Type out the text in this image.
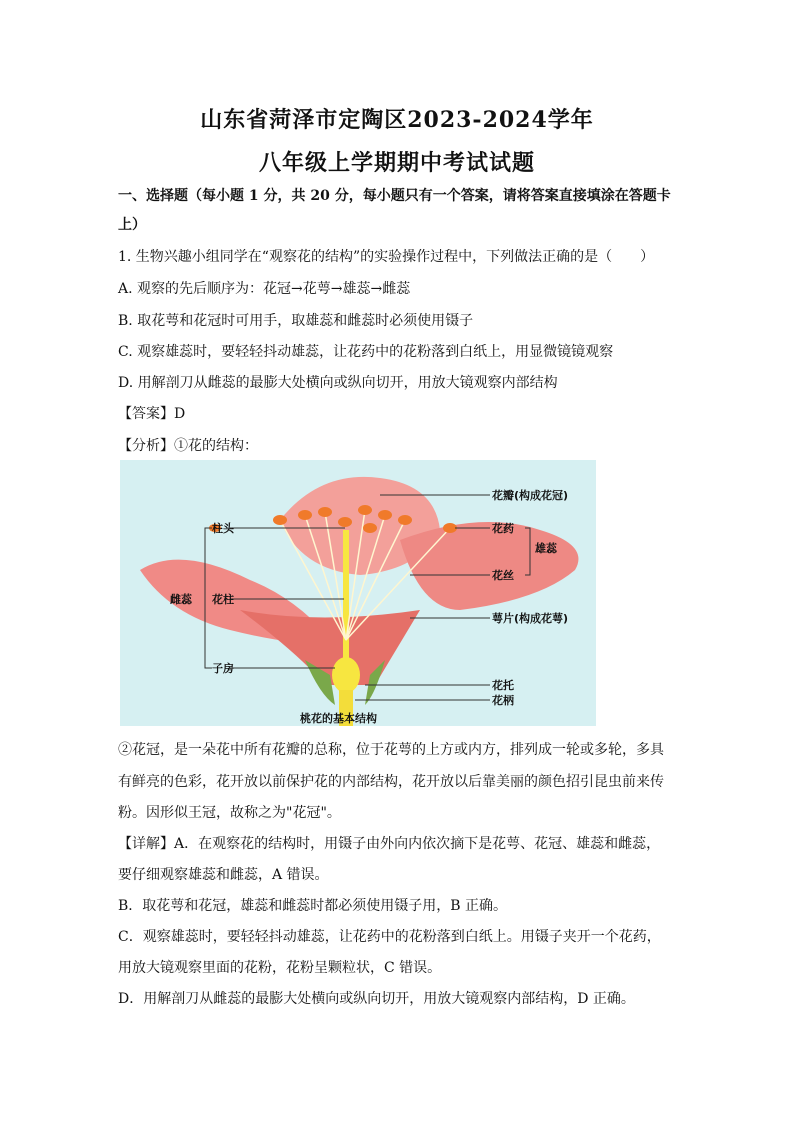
山东省菏泽市定陶区2023-2024学年
八年级上学期期中考试试题
一、选择题（每小题 1 分，共 20 分，每小题只有一个答案，请将答案直接填涂在答题卡
上）
1. 生物兴趣小组同学在“观察花的结构”的实验操作过程中，下列做法正确的是（　　）
A. 观察的先后顺序为：花冠→花萼→雄蕊→雌蕊
B. 取花萼和花冠时可用手，取雄蕊和雌蕊时必须使用镊子
C. 观察雄蕊时，要轻轻抖动雄蕊，让花药中的花粉落到白纸上，用显微镜镜观察
D. 用解剖刀从雌蕊的最膨大处横向或纵向切开，用放大镜观察内部结构
【答案】D
【分析】①花的结构：
花瓣(构成花冠)
柱头	花药
雄蕊
雌蕊
花丝
花柱
萼片(构成花萼)
子房
花托
花柄
桃花的基本结构
②花冠，是一朵花中所有花瓣的总称，位于花萼的上方或内方，排列成一轮或多轮，多具
有鲜亮的色彩，花开放以前保护花的内部结构，花开放以后靠美丽的颜色招引昆虫前来传
粉。因形似王冠，故称之为"花冠"。
【详解】A．在观察花的结构时，用镊子由外向内依次摘下是花萼、花冠、雄蕊和雌蕊，
要仔细观察雄蕊和雌蕊，A 错误。
B．取花萼和花冠，雄蕊和雌蕊时都必须使用镊子用，B 正确。
C．观察雄蕊时，要轻轻抖动雄蕊，让花药中的花粉落到白纸上。用镊子夹开一个花药，
用放大镜观察里面的花粉，花粉呈颗粒状，C 错误。
D．用解剖刀从雌蕊的最膨大处横向或纵向切开，用放大镜观察内部结构，D 正确。
